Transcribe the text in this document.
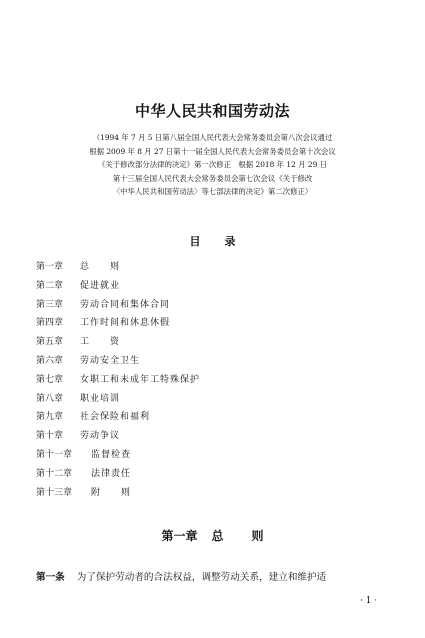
中华人民共和国劳动法
（1994 年 7 月 5 日第八届全国人民代表大会常务委员会第八次会议通过
根据 2009 年 8 月 27 日第十一届全国人民代表大会常务委员会第十次会议
《关于修改部分法律的决定》第一次修正　根据 2018 年 12 月 29 日
第十三届全国人民代表大会常务委员会第七次会议《关于修改
〈中华人民共和国劳动法〉等七部法律的决定》第二次修正）
目 录
第一章 总　　则
第二章 促进就业
第三章 劳动合同和集体合同
第四章 工作时间和休息休假
第五章 工　　资
第六章 劳动安全卫生
第七章 女职工和未成年工特殊保护
第八章 职业培训
第九章 社会保险和福利
第十章 劳动争议
第十一章 监督检查
第十二章 法律责任
第十三章 附　　则
第一章 总 则
第一条 为了保护劳动者的合法权益，调整劳动关系，建立和维护适
· 1 ·
